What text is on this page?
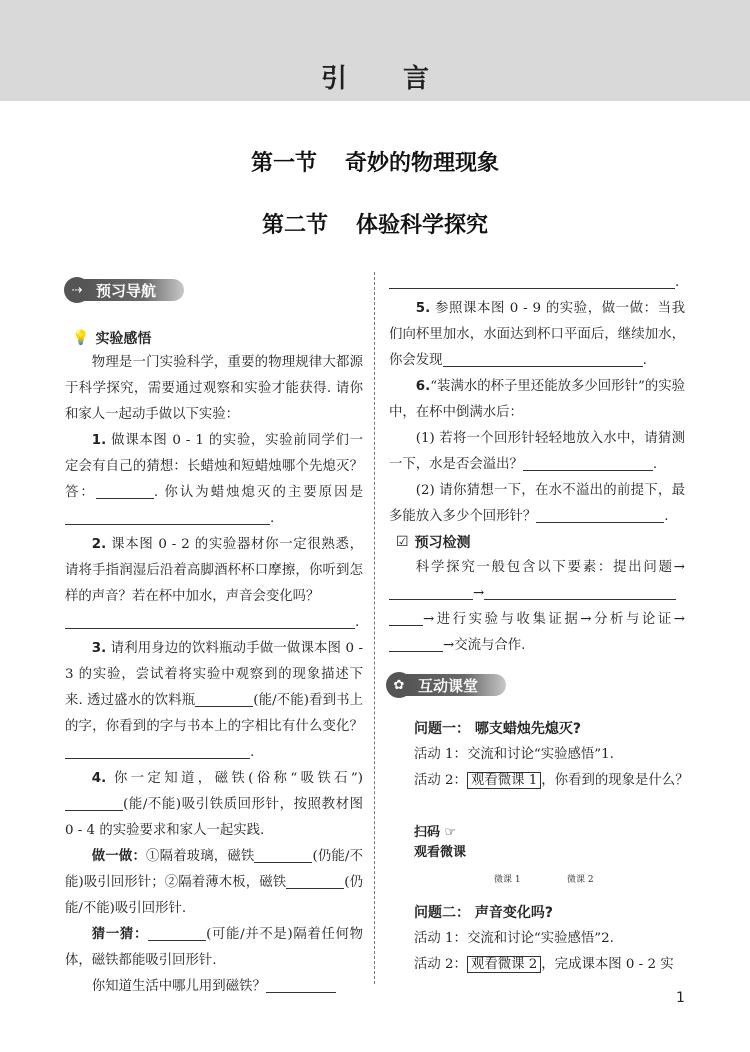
引言
第一节 奇妙的物理现象
第二节 体验科学探究
⇢ 预习导航
💡 实验感悟

物理是一门实验科学，重要的物理规律大都源于科学探究，需要通过观察和实验才能获得. 请你和家人一起动手做以下实验：

1. 做课本图 0 - 1 的实验，实验前同学们一定会有自己的猜想：长蜡烛和短蜡烛哪个先熄灭？答：	. 你认为蜡烛熄灭的主要原因是.

2. 课本图 0 - 2 的实验器材你一定很熟悉，请将手指润湿后沿着高脚酒杯杯口摩擦，你听到怎样的声音？若在杯中加水，声音会变化吗？

.

3. 请利用身边的饮料瓶动手做一做课本图 0 - 3 的实验，尝试着将实验中观察到的现象描述下来. 透过盛水的饮料瓶	(能/不能)看到书上的字，你看到的字与书本上的字相比有什么变化？.

4. 你一定知道，磁铁(俗称“吸铁石”)(能/不能)吸引铁质回形针，按照教材图 0 - 4 的实验要求和家人一起实践.

做一做：①隔着玻璃，磁铁	(仍能/不能)吸引回形针；②隔着薄木板，磁铁	(仍能/不能)吸引回形针.

猜一猜：	(可能/并不是)隔着任何物体，磁铁都能吸引回形针.

你知道生活中哪儿用到磁铁？

.

5. 参照课本图 0 - 9 的实验，做一做：当我们向杯里加水，水面达到杯口平面后，继续加水，你会发现	.

6.“装满水的杯子里还能放多少回形针”的实验中，在杯中倒满水后：

(1) 若将一个回形针轻轻地放入水中，请猜测一下，水是否会溢出？	.

(2) 请你猜想一下，在水不溢出的前提下，最多能放入多少个回形针？	.

☑ 预习检测

科学探究一般包含以下要素：提出问题→→→进行实验与收集证据→分析与论证→→交流与合作.

✿ 互动课堂

问题一： 哪支蜡烛先熄灭?

活动 1：交流和讨论“实验感悟”1.

活动 2： 观看微课 1 ，你看到的现象是什么？

扫码 ☞
观看微课
微课 1	微课 2

问题二： 声音变化吗?

活动 1：交流和讨论“实验感悟”2.

活动 2： 观看微课 2 ，完成课本图 0 - 2 实

1
